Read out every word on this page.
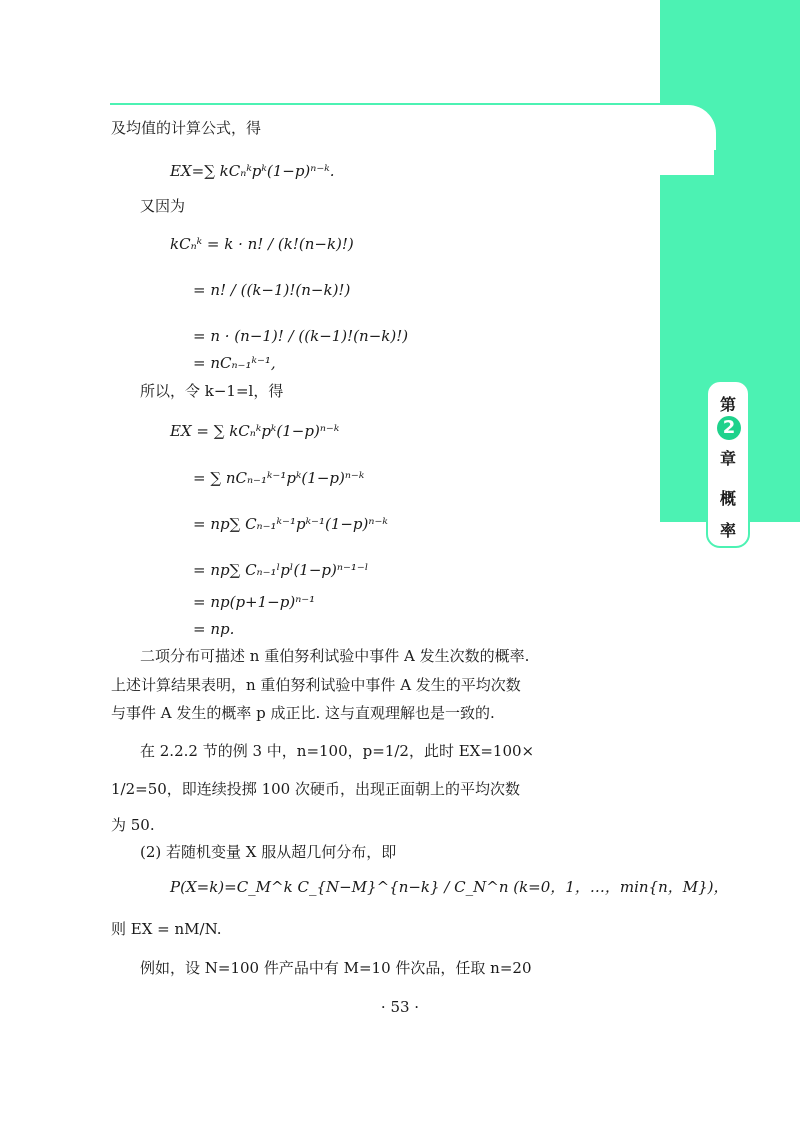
第
2
章
概
率
及均值的计算公式，得
EX=∑ kCₙᵏpᵏ(1−p)ⁿ⁻ᵏ.
又因为
kCₙᵏ = k · n! / (k!(n−k)!)
= n! / ((k−1)!(n−k)!)
= n · (n−1)! / ((k−1)!(n−k)!)
= nCₙ₋₁ᵏ⁻¹,
所以，令 k−1=l，得
EX = ∑ kCₙᵏpᵏ(1−p)ⁿ⁻ᵏ
= ∑ nCₙ₋₁ᵏ⁻¹pᵏ(1−p)ⁿ⁻ᵏ
= np∑ Cₙ₋₁ᵏ⁻¹pᵏ⁻¹(1−p)ⁿ⁻ᵏ
= np∑ Cₙ₋₁ˡpˡ(1−p)ⁿ⁻¹⁻ˡ
= np(p+1−p)ⁿ⁻¹
= np.
二项分布可描述 n 重伯努利试验中事件 A 发生次数的概率.
上述计算结果表明，n 重伯努利试验中事件 A 发生的平均次数
与事件 A 发生的概率 p 成正比. 这与直观理解也是一致的.
在 2.2.2 节的例 3 中，n=100，p=1/2，此时 EX=100×
1/2=50，即连续投掷 100 次硬币，出现正面朝上的平均次数
为 50.
(2) 若随机变量 X 服从超几何分布，即
P(X=k)=C_M^k C_{N−M}^{n−k} / C_N^n (k=0，1，…，min{n，M})，
则 EX = nM/N.
例如，设 N=100 件产品中有 M=10 件次品，任取 n=20
· 53 ·
